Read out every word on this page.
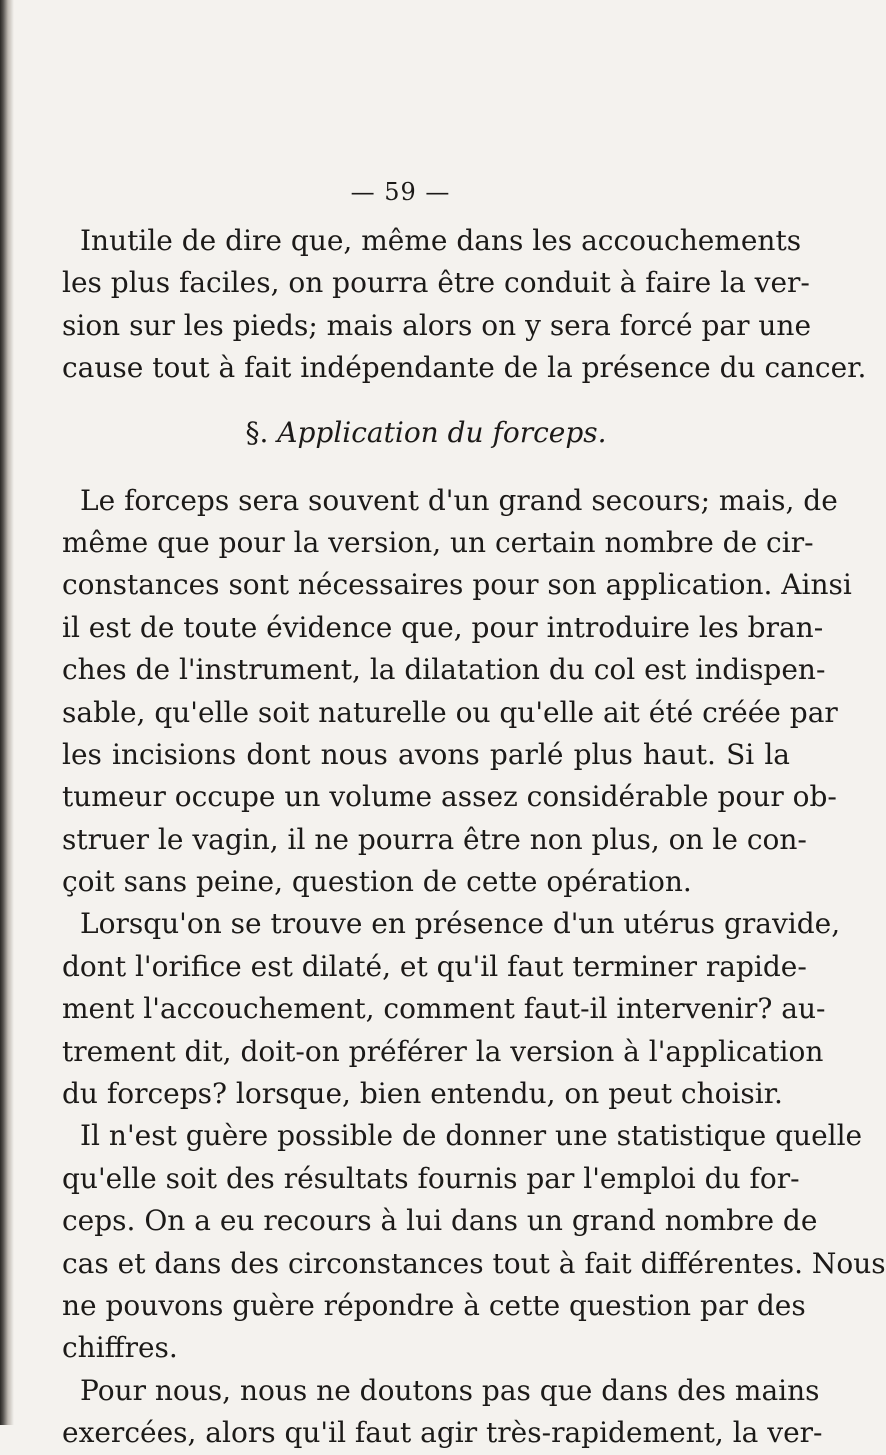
— 59 —
Inutile de dire que, même dans les accouchements
les plus faciles, on pourra être conduit à faire la ver-
sion sur les pieds; mais alors on y sera forcé par une
cause tout à fait indépendante de la présence du cancer.
§. Application du forceps.
Le forceps sera souvent d'un grand secours; mais, de
même que pour la version, un certain nombre de cir-
constances sont nécessaires pour son application. Ainsi
il est de toute évidence que, pour introduire les bran-
ches de l'instrument, la dilatation du col est indispen-
sable, qu'elle soit naturelle ou qu'elle ait été créée par
les incisions dont nous avons parlé plus haut. Si la
tumeur occupe un volume assez considérable pour ob-
struer le vagin, il ne pourra être non plus, on le con-
çoit sans peine, question de cette opération.
Lorsqu'on se trouve en présence d'un utérus gravide,
dont l'orifice est dilaté, et qu'il faut terminer rapide-
ment l'accouchement, comment faut-il intervenir? au-
trement dit, doit-on préférer la version à l'application
du forceps? lorsque, bien entendu, on peut choisir.
Il n'est guère possible de donner une statistique quelle
qu'elle soit des résultats fournis par l'emploi du for-
ceps. On a eu recours à lui dans un grand nombre de
cas et dans des circonstances tout à fait différentes. Nous
ne pouvons guère répondre à cette question par des
chiffres.
Pour nous, nous ne doutons pas que dans des mains
exercées, alors qu'il faut agir très-rapidement, la ver-
